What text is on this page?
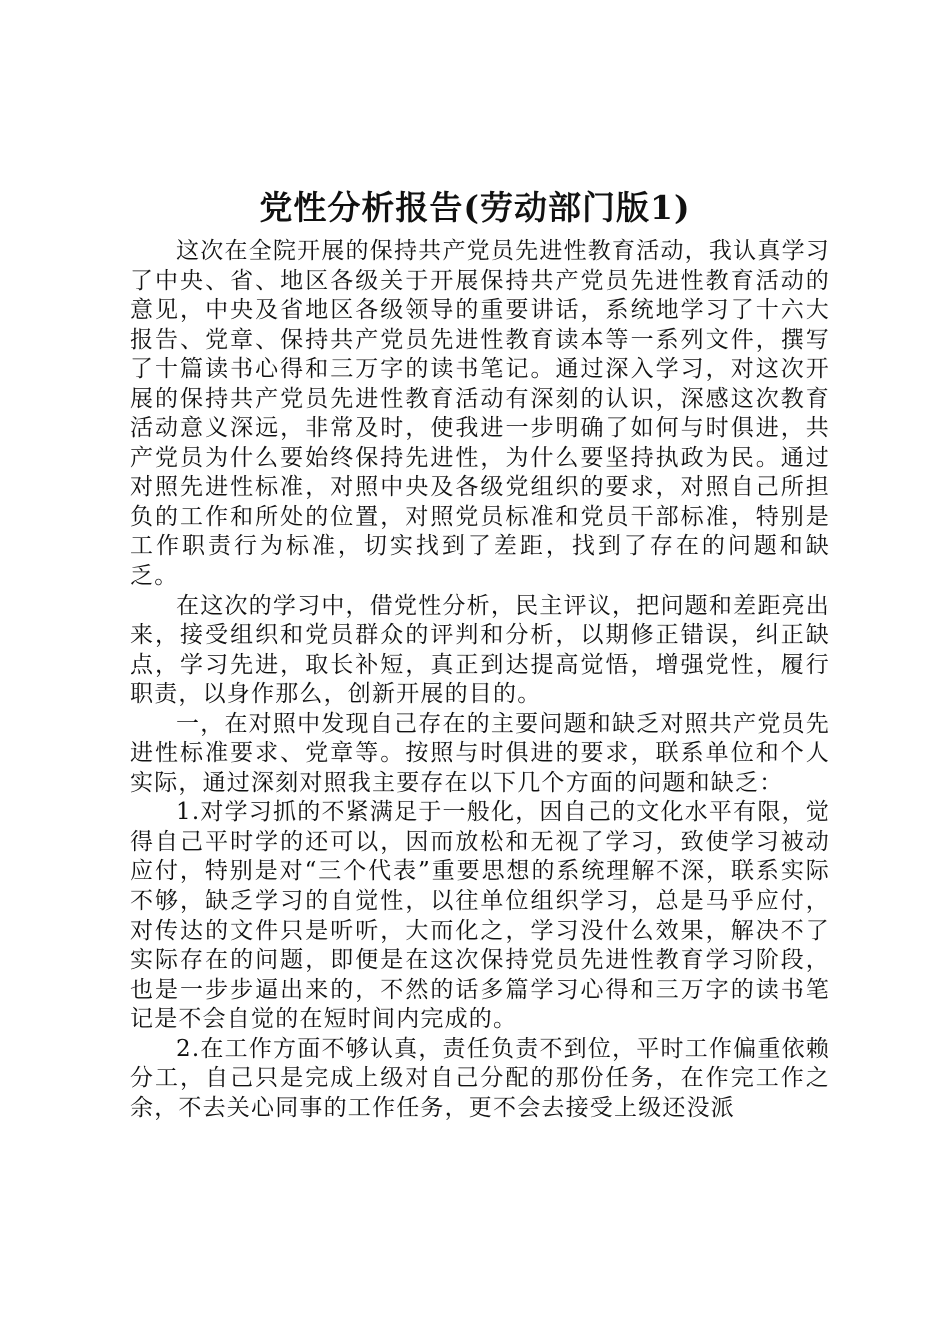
党性分析报告(劳动部门版1)

这次在全院开展的保持共产党员先进性教育活动，我认真学习了中央、省、地区各级关于开展保持共产党员先进性教育活动的意见，中央及省地区各级领导的重要讲话，系统地学习了十六大报告、党章、保持共产党员先进性教育读本等一系列文件，撰写了十篇读书心得和三万字的读书笔记。通过深入学习，对这次开展的保持共产党员先进性教育活动有深刻的认识，深感这次教育活动意义深远，非常及时，使我进一步明确了如何与时俱进，共产党员为什么要始终保持先进性，为什么要坚持执政为民。通过对照先进性标准，对照中央及各级党组织的要求，对照自己所担负的工作和所处的位置，对照党员标准和党员干部标准，特别是工作职责行为标准，切实找到了差距，找到了存在的问题和缺乏。

在这次的学习中，借党性分析，民主评议，把问题和差距亮出来，接受组织和党员群众的评判和分析，以期修正错误，纠正缺点，学习先进，取长补短，真正到达提高觉悟，增强党性，履行职责，以身作那么，创新开展的目的。

一，在对照中发现自己存在的主要问题和缺乏对照共产党员先进性标准要求、党章等。按照与时俱进的要求，联系单位和个人实际，通过深刻对照我主要存在以下几个方面的问题和缺乏：

1.对学习抓的不紧满足于一般化，因自己的文化水平有限，觉得自己平时学的还可以，因而放松和无视了学习，致使学习被动应付，特别是对“三个代表”重要思想的系统理解不深，联系实际不够，缺乏学习的自觉性，以往单位组织学习，总是马乎应付，对传达的文件只是听听，大而化之，学习没什么效果，解决不了实际存在的问题，即便是在这次保持党员先进性教育学习阶段，也是一步步逼出来的，不然的话多篇学习心得和三万字的读书笔记是不会自觉的在短时间内完成的。

2.在工作方面不够认真，责任负责不到位，平时工作偏重依赖分工，自己只是完成上级对自己分配的那份任务，在作完工作之余，不去关心同事的工作任务，更不会去接受上级还没派
